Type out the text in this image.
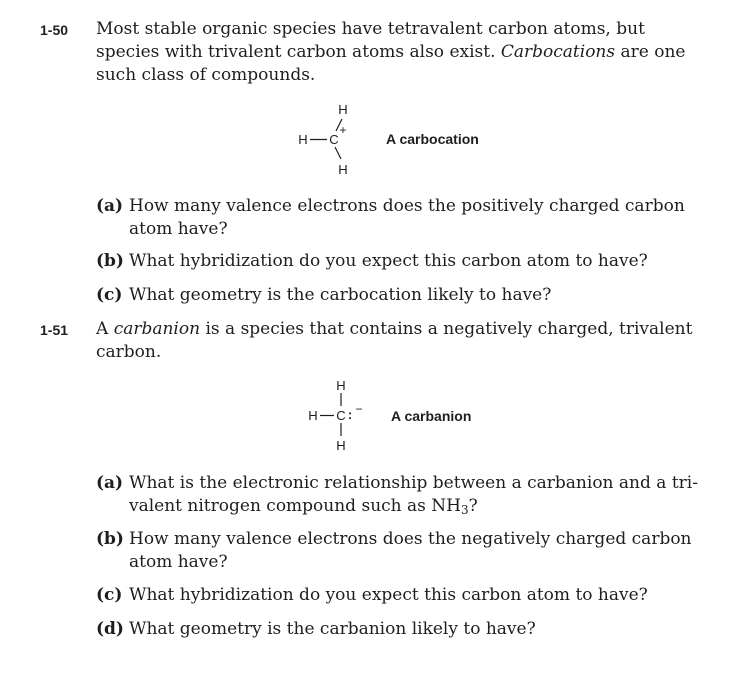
1-50 Most stable organic species have tetravalent carbon atoms, but species with trivalent carbon atoms also exist. Carbocations are one such class of compounds.
H
H C
+
H
A carbocation
(a) How many valence electrons does the positively charged carbon atom have?
(b) What hybridization do you expect this carbon atom to have?
(c) What geometry is the carbocation likely to have?
1-51 A carbanion is a species that contains a negatively charged, trivalent carbon.
H
H C : −
H
A carbanion
(a) What is the electronic relationship between a carbanion and a tri-valent nitrogen compound such as $NH_3$?
(b) How many valence electrons does the negatively charged carbon atom have?
(c) What hybridization do you expect this carbon atom to have?
(d) What geometry is the carbanion likely to have?
